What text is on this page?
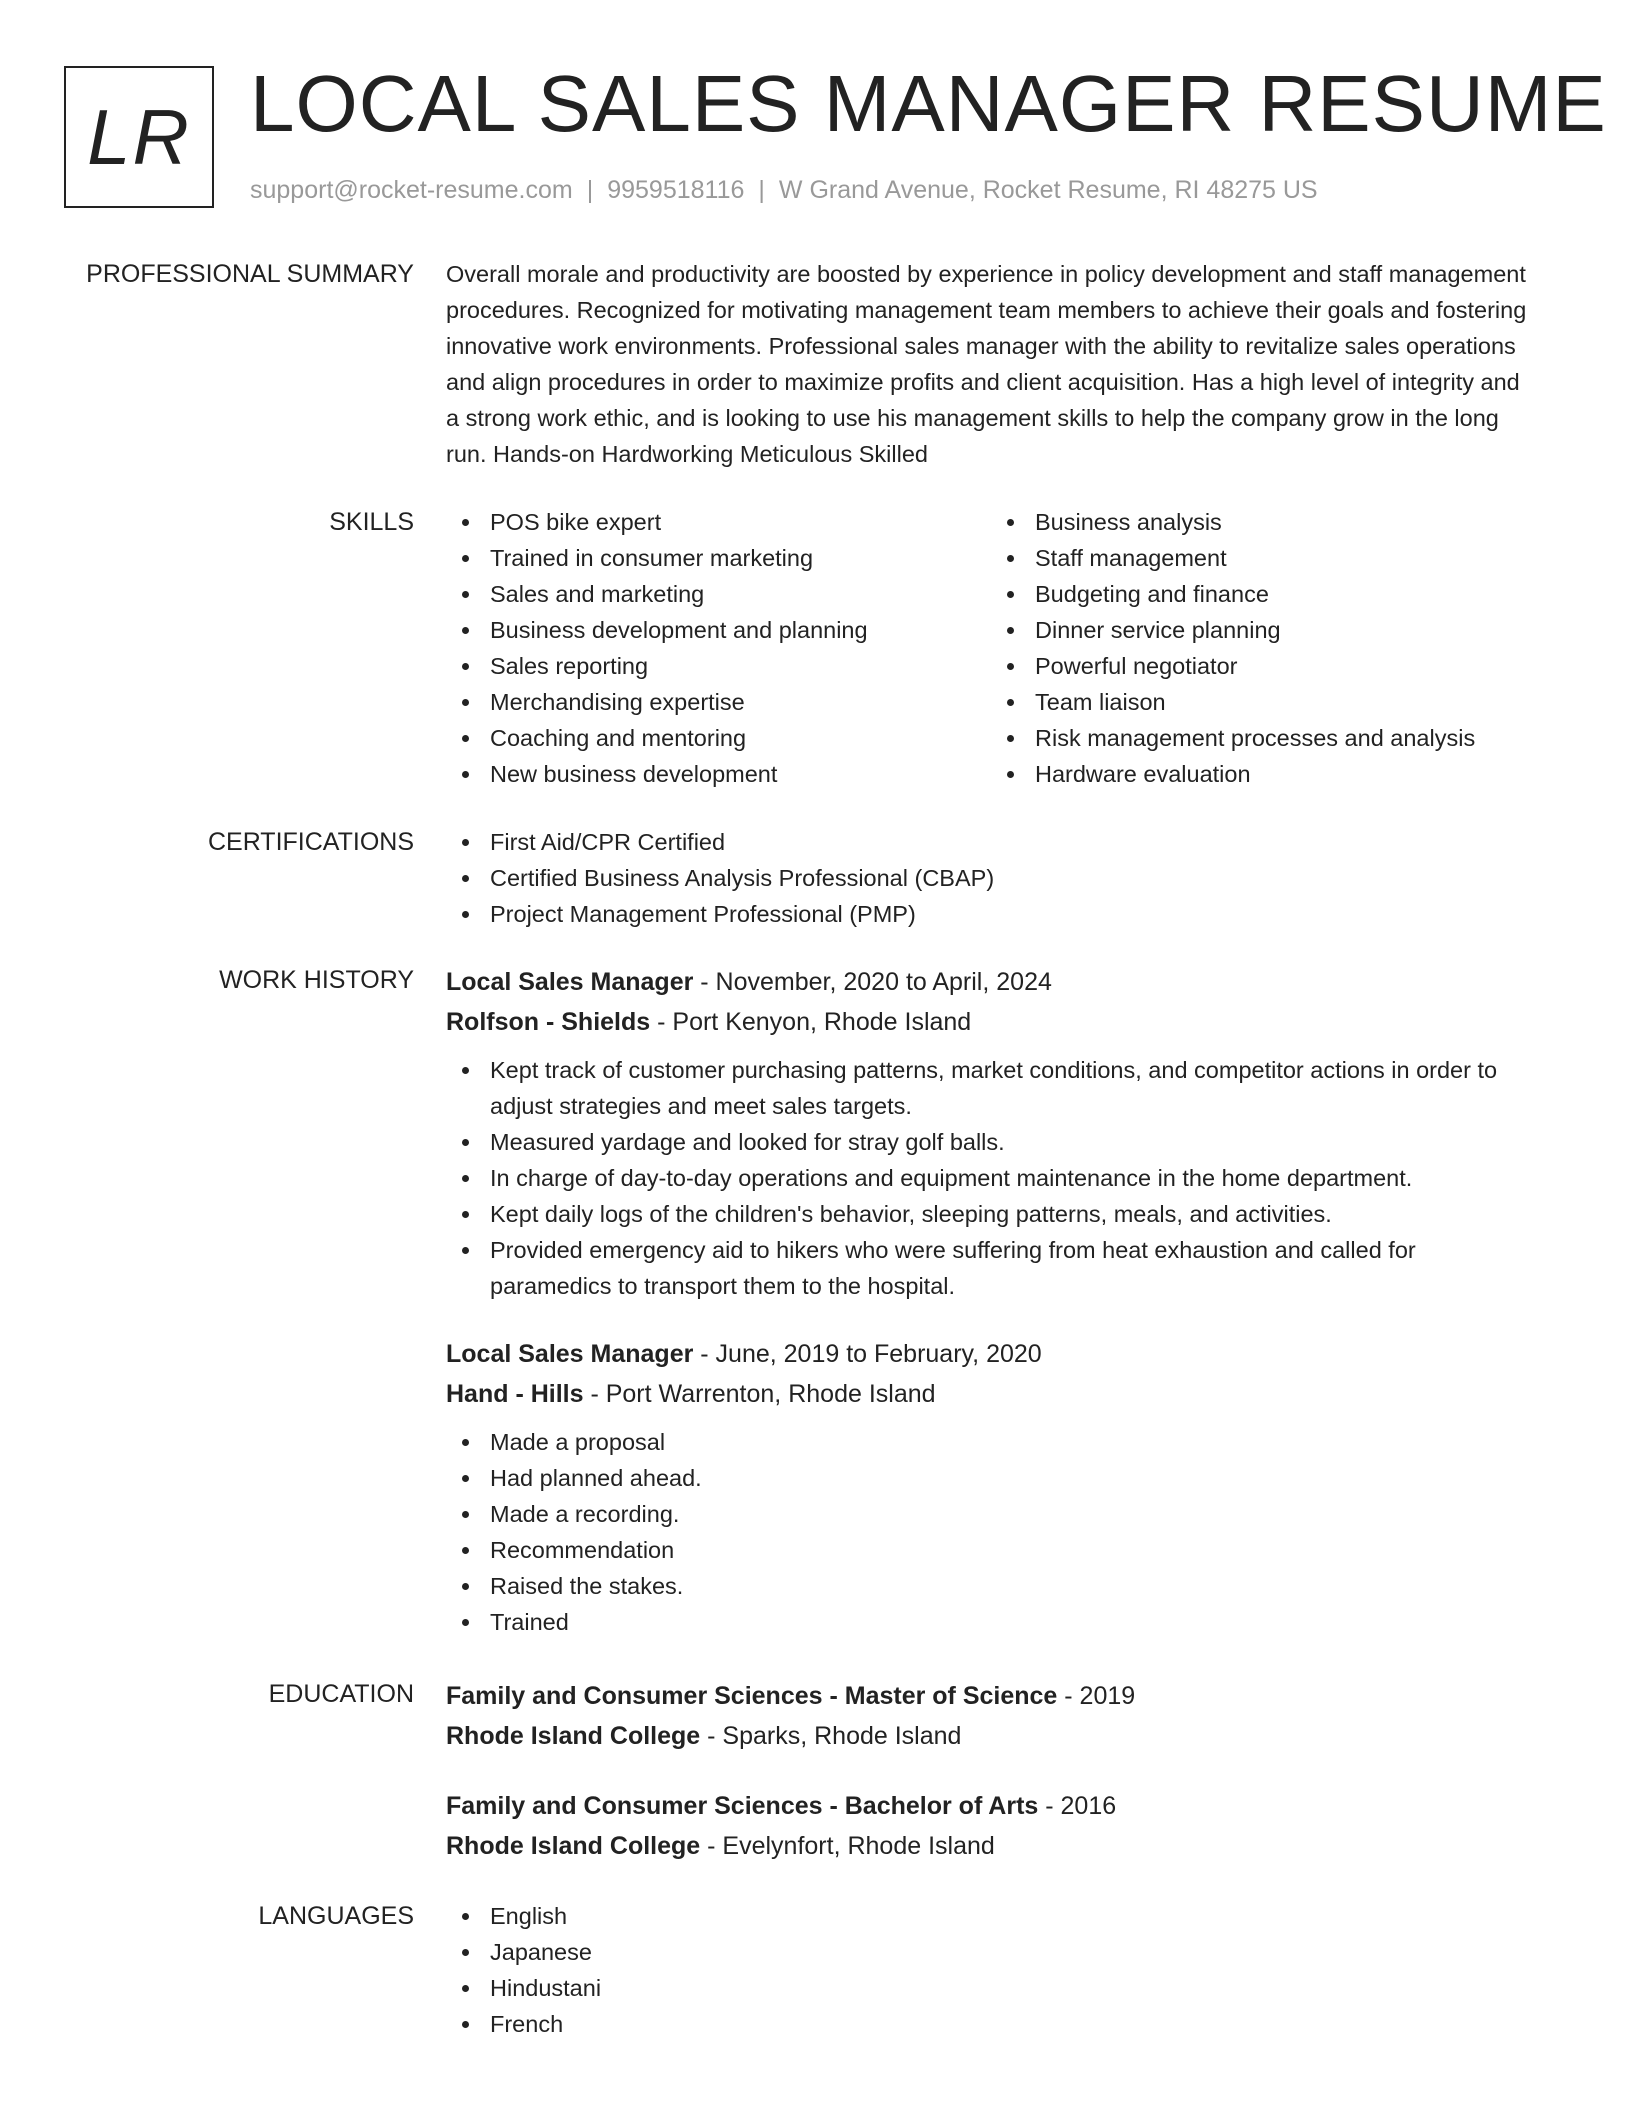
LR LOCAL SALES MANAGER RESUME
support@rocket-resume.com | 9959518116 | W Grand Avenue, Rocket Resume, RI 48275 US
PROFESSIONAL SUMMARY Overall morale and productivity are boosted by experience in policy development and staff management procedures. Recognized for motivating management team members to achieve their goals and fostering innovative work environments. Professional sales manager with the ability to revitalize sales operations and align procedures in order to maximize profits and client acquisition. Has a high level of integrity and a strong work ethic, and is looking to use his management skills to help the company grow in the long run. Hands-on Hardworking Meticulous Skilled
SKILLS	POS bike expert
Trained in consumer marketing
Sales and marketing
Business development and planning
Sales reporting
Merchandising expertise
Coaching and mentoring
New business development
Business analysis
Staff management
Budgeting and finance
Dinner service planning
Powerful negotiator
Team liaison
Risk management processes and analysis
Hardware evaluation
CERTIFICATIONS	First Aid/CPR Certified
Certified Business Analysis Professional (CBAP)
Project Management Professional (PMP)
WORK HISTORY Local Sales Manager - November, 2020 to April, 2024
Rolfson - Shields - Port Kenyon, Rhode Island
Kept track of customer purchasing patterns, market conditions, and competitor actions in order to adjust strategies and meet sales targets.
Measured yardage and looked for stray golf balls.
In charge of day-to-day operations and equipment maintenance in the home department.
Kept daily logs of the children's behavior, sleeping patterns, meals, and activities.
Provided emergency aid to hikers who were suffering from heat exhaustion and called for paramedics to transport them to the hospital.
Local Sales Manager - June, 2019 to February, 2020
Hand - Hills - Port Warrenton, Rhode Island
Made a proposal
Had planned ahead.
Made a recording.
Recommendation
Raised the stakes.
Trained
EDUCATION Family and Consumer Sciences - Master of Science - 2019
Rhode Island College - Sparks, Rhode Island
Family and Consumer Sciences - Bachelor of Arts - 2016
Rhode Island College - Evelynfort, Rhode Island
LANGUAGES	English
Japanese
Hindustani
French
